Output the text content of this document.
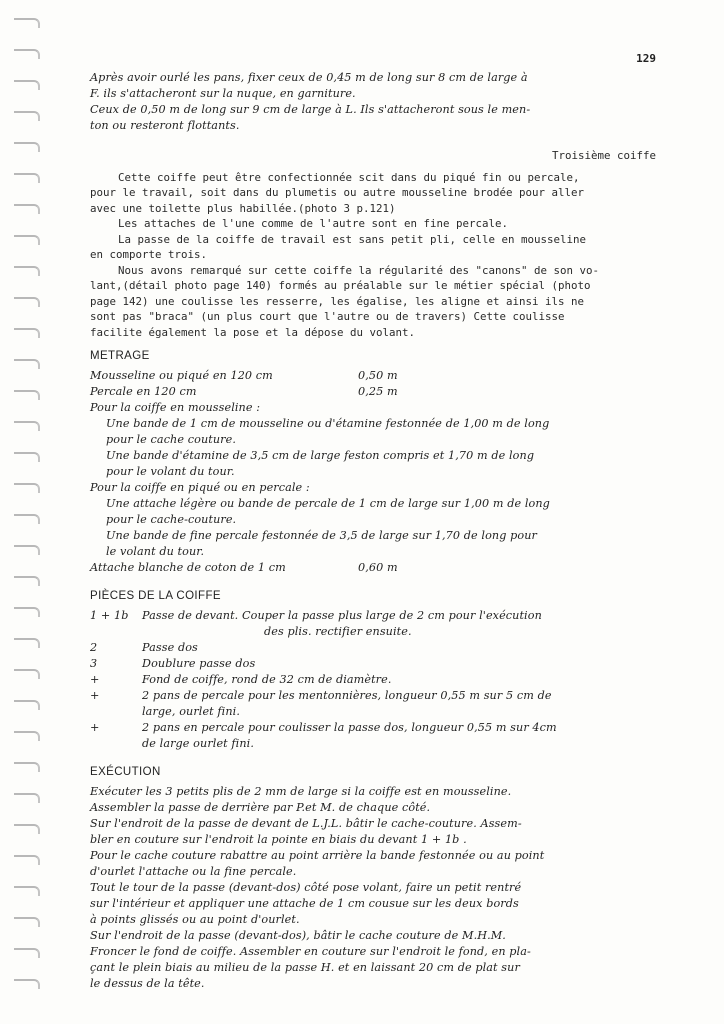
129

Après avoir ourlé les pans, fixer ceux de 0,45 m de long sur 8 cm de large à

F. ils s'attacheront sur la nuque, en garniture.

Ceux de 0,50 m de long sur 9 cm de large à L. Ils s'attacheront sous le men-

ton ou resteront flottants.

Troisième coiffe

Cette coiffe peut être confectionnée scit dans du piqué fin ou percale,

pour le travail, soit dans du plumetis ou autre mousseline brodée pour aller

avec une toilette plus habillée.(photo 3 p.121)

Les attaches de l'une comme de l'autre sont en fine percale.

La passe de la coiffe de travail est sans petit pli, celle en mousseline

en comporte trois.

Nous avons remarqué sur cette coiffe la régularité des "canons" de son vo-

lant,(détail photo page 140) formés au préalable sur le métier spécial (photo

page 142) une coulisse les resserre, les égalise, les aligne et ainsi ils ne

sont pas "braca" (un plus court que l'autre ou de travers) Cette coulisse

facilite également la pose et la dépose du volant.

METRAGE

Mousseline ou piqué en 120 cm	0,50 m
Percale en 120 cm	0,25 m

Pour la coiffe en mousseline :

Une bande de 1 cm de mousseline ou d'étamine festonnée de 1,00 m de long

pour le cache couture.

Une bande d'étamine de 3,5 cm de large feston compris et 1,70 m de long

pour le volant du tour.

Pour la coiffe en piqué ou en percale :

Une attache légère ou bande de percale de 1 cm de large sur 1,00 m de long

pour le cache-couture.

Une bande de fine percale festonnée de 3,5 de large sur 1,70 de long pour

le volant du tour.

Attache blanche de coton de 1 cm	0,60 m

PIÈCES DE LA COIFFE

1 + 1b	Passe de devant. Couper la passe plus large de 2 cm pour l'exécution

des plis. rectifier ensuite.

2	Passe dos
3	Doublure passe dos
+	Fond de coiffe, rond de 32 cm de diamètre.
+	2 pans de percale pour les mentonnières, longueur 0,55 m sur 5 cm de

large, ourlet fini.

+	2 pans en percale pour coulisser la passe dos, longueur 0,55 m sur 4cm

de large ourlet fini.

EXÉCUTION

Exécuter les 3 petits plis de 2 mm de large si la coiffe est en mousseline.

Assembler la passe de derrière par P.et M. de chaque côté.

Sur l'endroit de la passe de devant de L.J.L. bâtir le cache-couture. Assem-

bler en couture sur l'endroit la pointe en biais du devant 1 + 1b .

Pour le cache couture rabattre au point arrière la bande festonnée ou au point

d'ourlet l'attache ou la fine percale.

Tout le tour de la passe (devant-dos) côté pose volant, faire un petit rentré

sur l'intérieur et appliquer une attache de 1 cm cousue sur les deux bords

à points glissés ou au point d'ourlet.

Sur l'endroit de la passe (devant-dos), bâtir le cache couture de M.H.M.

Froncer le fond de coiffe. Assembler en couture sur l'endroit le fond, en pla-

çant le plein biais au milieu de la passe H. et en laissant 20 cm de plat sur

le dessus de la tête.
